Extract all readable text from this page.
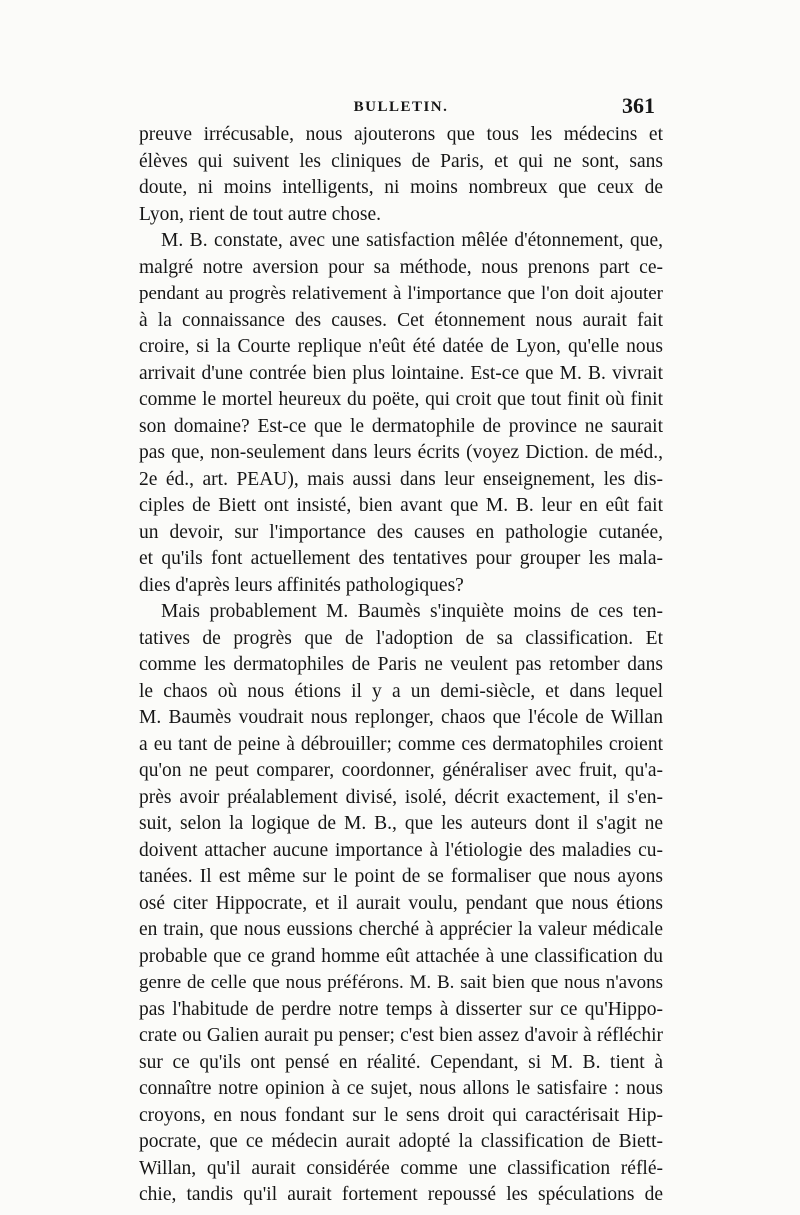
BULLETIN.	361
preuve irrécusable, nous ajouterons que tous les médecins et
élèves qui suivent les cliniques de Paris, et qui ne sont, sans
doute, ni moins intelligents, ni moins nombreux que ceux de
Lyon, rient de tout autre chose.
M. B. constate, avec une satisfaction mêlée d'étonnement, que,
malgré notre aversion pour sa méthode, nous prenons part ce-
pendant au progrès relativement à l'importance que l'on doit ajouter
à la connaissance des causes. Cet étonnement nous aurait fait
croire, si la Courte replique n'eût été datée de Lyon, qu'elle nous
arrivait d'une contrée bien plus lointaine. Est-ce que M. B. vivrait
comme le mortel heureux du poëte, qui croit que tout finit où finit
son domaine? Est-ce que le dermatophile de province ne saurait
pas que, non-seulement dans leurs écrits (voyez Diction. de méd.,
2e éd., art. PEAU), mais aussi dans leur enseignement, les dis-
ciples de Biett ont insisté, bien avant que M. B. leur en eût fait
un devoir, sur l'importance des causes en pathologie cutanée,
et qu'ils font actuellement des tentatives pour grouper les mala-
dies d'après leurs affinités pathologiques?
Mais probablement M. Baumès s'inquiète moins de ces ten-
tatives de progrès que de l'adoption de sa classification. Et
comme les dermatophiles de Paris ne veulent pas retomber dans
le chaos où nous étions il y a un demi-siècle, et dans lequel
M. Baumès voudrait nous replonger, chaos que l'école de Willan
a eu tant de peine à débrouiller; comme ces dermatophiles croient
qu'on ne peut comparer, coordonner, généraliser avec fruit, qu'a-
près avoir préalablement divisé, isolé, décrit exactement, il s'en-
suit, selon la logique de M. B., que les auteurs dont il s'agit ne
doivent attacher aucune importance à l'étiologie des maladies cu-
tanées. Il est même sur le point de se formaliser que nous ayons
osé citer Hippocrate, et il aurait voulu, pendant que nous étions
en train, que nous eussions cherché à apprécier la valeur médicale
probable que ce grand homme eût attachée à une classification du
genre de celle que nous préférons. M. B. sait bien que nous n'avons
pas l'habitude de perdre notre temps à disserter sur ce qu'Hippo-
crate ou Galien aurait pu penser; c'est bien assez d'avoir à réfléchir
sur ce qu'ils ont pensé en réalité. Cependant, si M. B. tient à
connaître notre opinion à ce sujet, nous allons le satisfaire : nous
croyons, en nous fondant sur le sens droit qui caractérisait Hip-
pocrate, que ce médecin aurait adopté la classification de Biett-
Willan, qu'il aurait considérée comme une classification réflé-
chie, tandis qu'il aurait fortement repoussé les spéculations de
